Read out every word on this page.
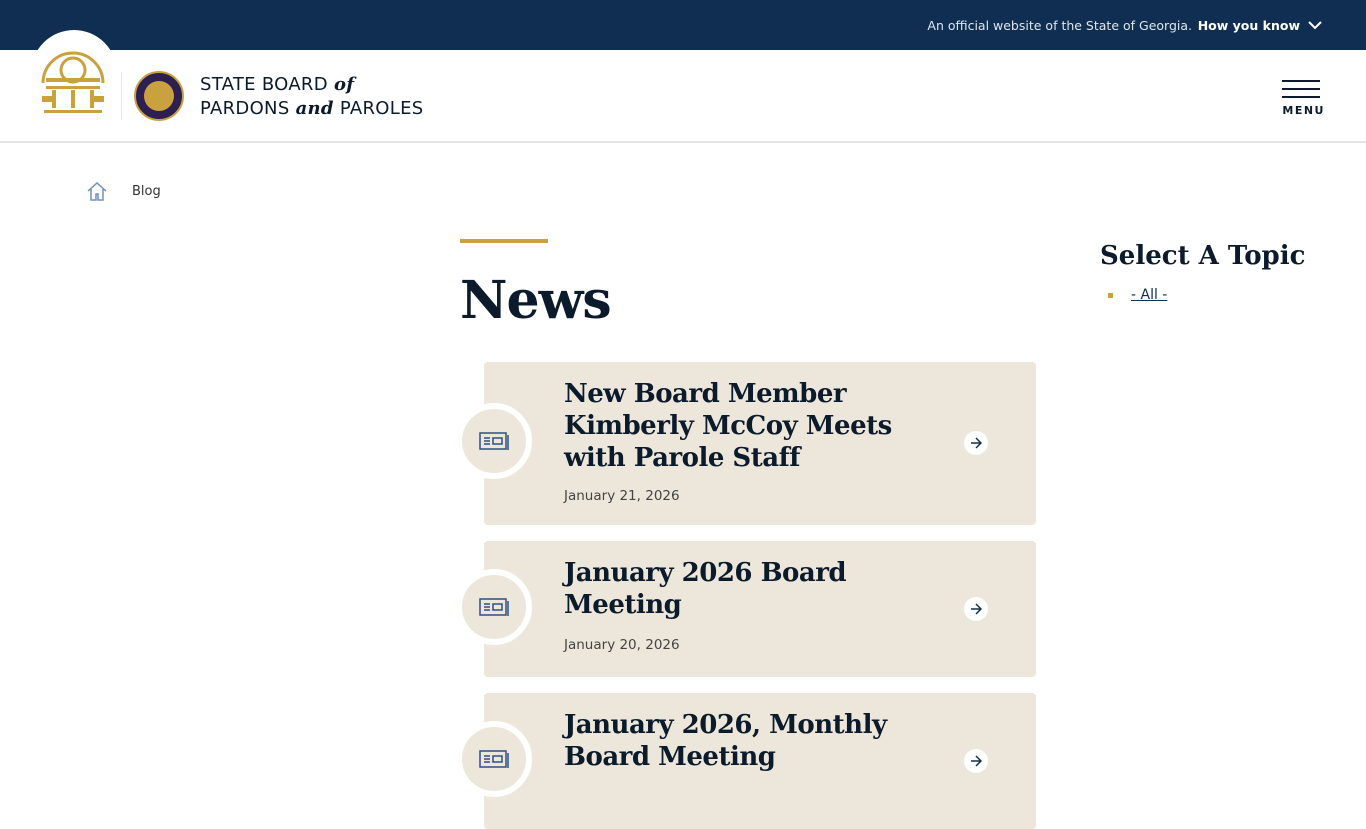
An official website of the State of Georgia. How you know
STATE BOARD of
PARDONS and PAROLES	MENU
Blog
News
New Board Member Kimberly McCoy Meets with Parole Staff
January 21, 2026
January 2026 Board Meeting
January 20, 2026
January 2026, Monthly Board Meeting
Select A Topic
- All -
